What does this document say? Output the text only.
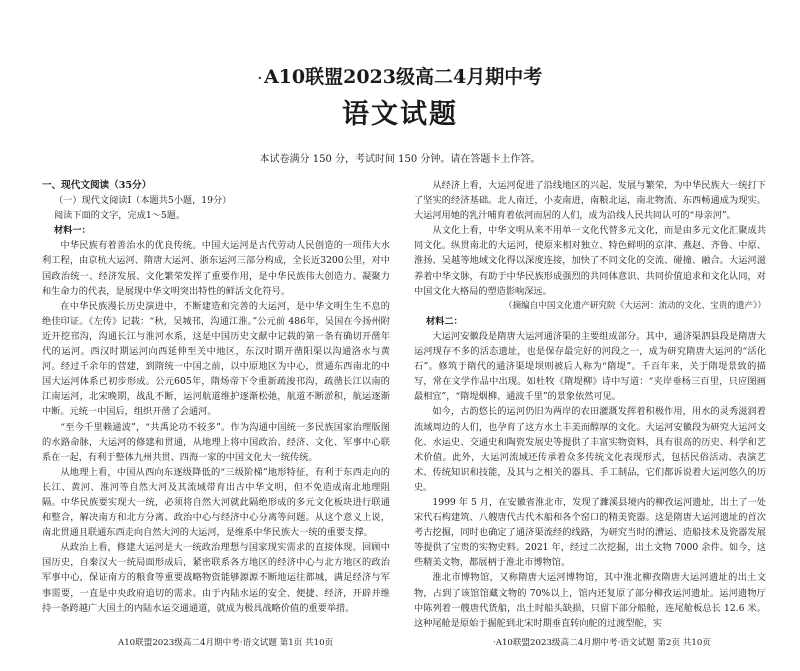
· A10联盟2023级高二4月期中考
语文试题
本试卷满分 150 分，考试时间 150 分钟。请在答题卡上作答。

一、现代文阅读（35分）

（一）现代文阅读Ⅰ（本题共5小题，19分）

阅读下面的文字，完成1～5题。

材料一：

中华民族有着善治水的优良传统。中国大运河是古代劳动人民创造的一项伟大水利工程，由京杭大运河、隋唐大运河、浙东运河三部分构成，全长近3200公里，对中国政治统一、经济发展、文化繁荣发挥了重要作用，是中华民族伟大创造力、凝聚力和生命力的代表，是展现中华文明突出特性的鲜活文化符号。

在中华民族漫长历史演进中，不断建造和完善的大运河，是中华文明生生不息的绝佳印证。《左传》记载：“秋，吴城邗，沟通江淮。”公元前 486年，吴国在今扬州附近开挖邗沟，沟通长江与淮河水系，这是中国历史文献中记载的第一条有确切开凿年代的运河。西汉时期运河向西延伸至关中地区，东汉时期开凿阳渠以沟通洛水与黄河。经过千余年的营建，到隋统一中国之前，以中原地区为中心，贯通东西南北的中国大运河体系已初步形成。公元605年，隋炀帝下令重新疏浚邗沟，疏凿长江以南的江南运河，北宋晚期，战乱不断，运河航道维护逐渐松弛，航道不断淤积，航运逐渐中断。元统一中国后，组织开凿了会通河。

“至今千里赖通波”，“共禹论功不较多”。作为沟通中国统一多民族国家治理版图的水路命脉，大运河的修建和贯通，从地理上将中国政治、经济、文化、军事中心联系在一起，有利于整体九州共贯、四海一家的中国文化大一统传统。

从地理上看，中国从西向东逐级降低的“三级阶梯”地形特征，有利于东西走向的长江、黄河、淮河等自然大河及其流域带育出古中华文明，但不免造成南北地理阻隔。中华民族要实现大一统，必须将自然大河就此隔绝形成的多元文化板块进行联通和整合，解决南方和北方分离、政治中心与经济中心分离等问题。从这个意义上说，南北贯通且联通东西走向自然大河的大运河，是维系中华民族大一统的重要支撑。

从政治上看，修建大运河是大一统政治理想与国家现实需求的直接体现。回顾中国历史，自秦汉大一统局面形成后，紧密联系各方地区的经济中心与北方地区的政治军事中心，保证南方的粮食等重要战略物资能够源源不断地运往都城，满足经济与军事需要，一直是中央政府追切的需求。由于内陆水运的安全、便捷、经济，开辟并维持一条跨越广大国土的内陆水运交通通道，就成为极具战略价值的重要举措。

从经济上看，大运河促进了沿线地区的兴起、发展与繁荣，为中华民族大一统打下了坚实的经济基础。北人南迁，小麦南进，南粮北运，南北物流、东西畅通成为现实。大运河用她的乳汁哺育着依河而居的人们，成为沿线人民共同认可的“母亲河”。

从文化上看，中华文明从来不用单一文化代替多元文化，而是由多元文化汇聚成共同文化。纵贯南北的大运河，使原来相对独立、特色鲜明的京津、燕赵、齐鲁、中原、淮扬、吴越等地域文化得以深度连接，加快了不同文化的交流、碰撞、融合。大运河滋养着中华文脉，有助于中华民族形成强烈的共同体意识、共同价值追求和文化认同，对中国文化大格局的塑造影响深远。

（摘编自中国文化遗产研究院《大运河：流动的文化、宝贵的遗产》）

材料二：

大运河安徽段是隋唐大运河通济渠的主要组成部分。其中，通济渠泗县段是隋唐大运河现存不多的活态遗址，也是保存最完好的河段之一，成为研究隋唐大运河的“活化石”。修筑于隋代的通济渠堤坝则被后人称为“隋堤”。千百年来，关于隋堤景致的描写，常在文学作品中出现。如杜牧《隋堤柳》诗中写道：“夹岸垂杨三百里，只应图画最相宜”，“隋堤烟柳、通波千里”的景象依然可见。

如今，古韵悠长的运河仍旧为两岸的农田灌溉发挥着积极作用，用水的灵秀滋润着流域周边的人们，也孕育了这方水土丰美而醇厚的文化。大运河安徽段为研究大运河文化、水运史、交通史和陶瓷发展史等提供了丰富实物资料，具有很高的历史、科学和艺术价值。此外，大运河流域还传承着众多传统文化表现形式，包括民俗活动、表演艺术、传统知识和技能，及其与之相关的器具、手工制品，它们都诉说着大运河悠久的历史。

1999 年 5 月，在安徽省淮北市，发现了濉溪县境内的柳孜运河遗址，出土了一处宋代石构建筑、八艘唐代古代木船和各个窑口的精美瓷器。这是隋唐大运河遗址的首次考古挖掘，同时也确定了通济渠流经的线路，为研究当时的漕运、造船技术及瓷器发展等提供了宝贵的实物史料。2021 年，经过二次挖掘，出土文物 7000 余件。如今，这些精美文物，都展柄于淮北市博物馆。

淮北市博物馆，又称隋唐大运河博物馆，其中淮北柳孜隋唐大运河遗址的出土文物，占到了该馆馆藏文物的 70%以上，馆内还复原了部分柳孜运河遗址。运河遗物厅中陈列着一艘唐代货船，出土时船头缺损，只留下部分船舱，连尾舱板总长 12.6 米。这种尾舱是原始于掘舵到北宋时期垂直转向舵的过渡型舵，实

A10联盟2023级高二4月期中考·语文试题 第1页 共10页	·A10联盟2023级高二4月期中考·语文试题 第2页 共10页
